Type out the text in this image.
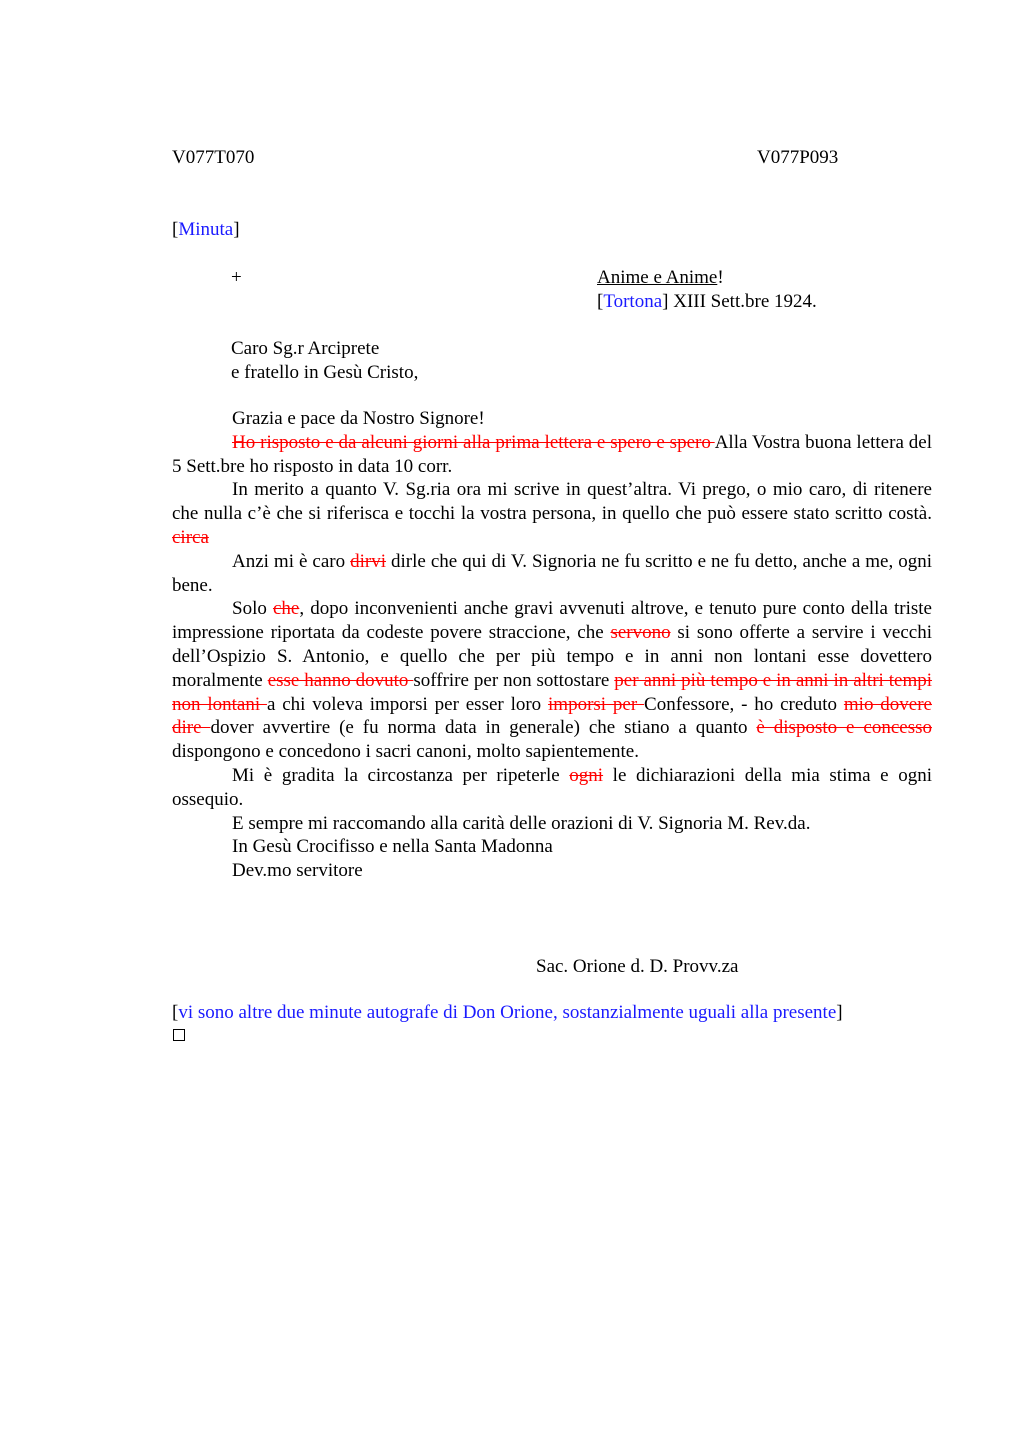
V077T070	V077P093
[Minuta]
+	Anime e Anime!
[Tortona] XIII Sett.bre 1924.
Caro Sg.r Arciprete
e fratello in Gesù Cristo,

Grazia e pace da Nostro Signore!

Ho risposto e da alcuni giorni alla prima lettera e spero e spero Alla Vostra buona lettera del 5 Sett.bre ho risposto in data 10 corr.

In merito a quanto V. Sg.ria ora mi scrive in quest’altra. Vi prego, o mio caro, di ritenere che nulla c’è che si riferisca e tocchi la vostra persona, in quello che può essere stato scritto costà. circa

Anzi mi è caro dirvi dirle che qui di V. Signoria ne fu scritto e ne fu detto, anche a me, ogni bene.

Solo che, dopo inconvenienti anche gravi avvenuti altrove, e tenuto pure conto della triste impressione riportata da codeste povere straccione, che servono si sono offerte a servire i vecchi dell’Ospizio S. Antonio, e quello che per più tempo e in anni non lontani esse dovettero moralmente esse hanno dovuto soffrire per non sottostare per anni più tempo e in anni in altri tempi non lontani a chi voleva imporsi per esser loro imporsi per Confessore, - ho creduto mio dovere dire dover avvertire (e fu norma data in generale) che stiano a quanto è disposto e concesso dispongono e concedono i sacri canoni, molto sapientemente.

Mi è gradita la circostanza per ripeterle ogni le dichiarazioni della mia stima e ogni ossequio.

E sempre mi raccomando alla carità delle orazioni di V. Signoria M. Rev.da.

In Gesù Crocifisso e nella Santa Madonna

Dev.mo servitore

Sac. Orione d. D. Provv.za
[vi sono altre due minute autografe di Don Orione, sostanzialmente uguali alla presente]
